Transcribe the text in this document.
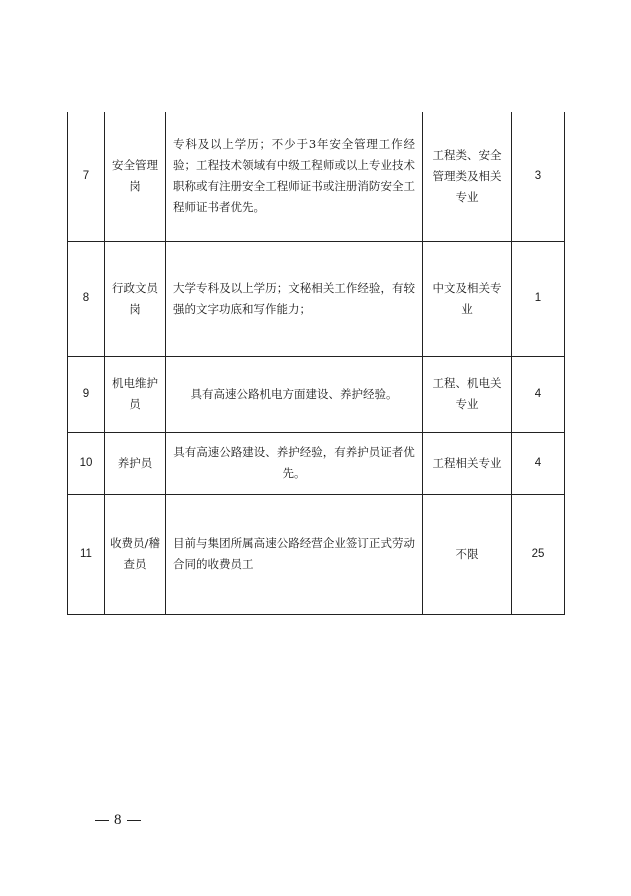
7	安全管理岗	专科及以上学历；不少于3年安全管理工作经验；工程技术领域有中级工程师或以上专业技术职称或有注册安全工程师证书或注册消防安全工程师证书者优先。	工程类、安全管理类及相关专业	3
8	行政文员岗	大学专科及以上学历；文秘相关工作经验，有较强的文字功底和写作能力；	中文及相关专业	1
9	机电维护员	具有高速公路机电方面建设、养护经验。	工程、机电关专业	4
10	养护员	具有高速公路建设、养护经验，有养护员证者优先。	工程相关专业	4
11	收费员/稽查员	目前与集团所属高速公路经营企业签订正式劳动合同的收费员工	不限	25
8
